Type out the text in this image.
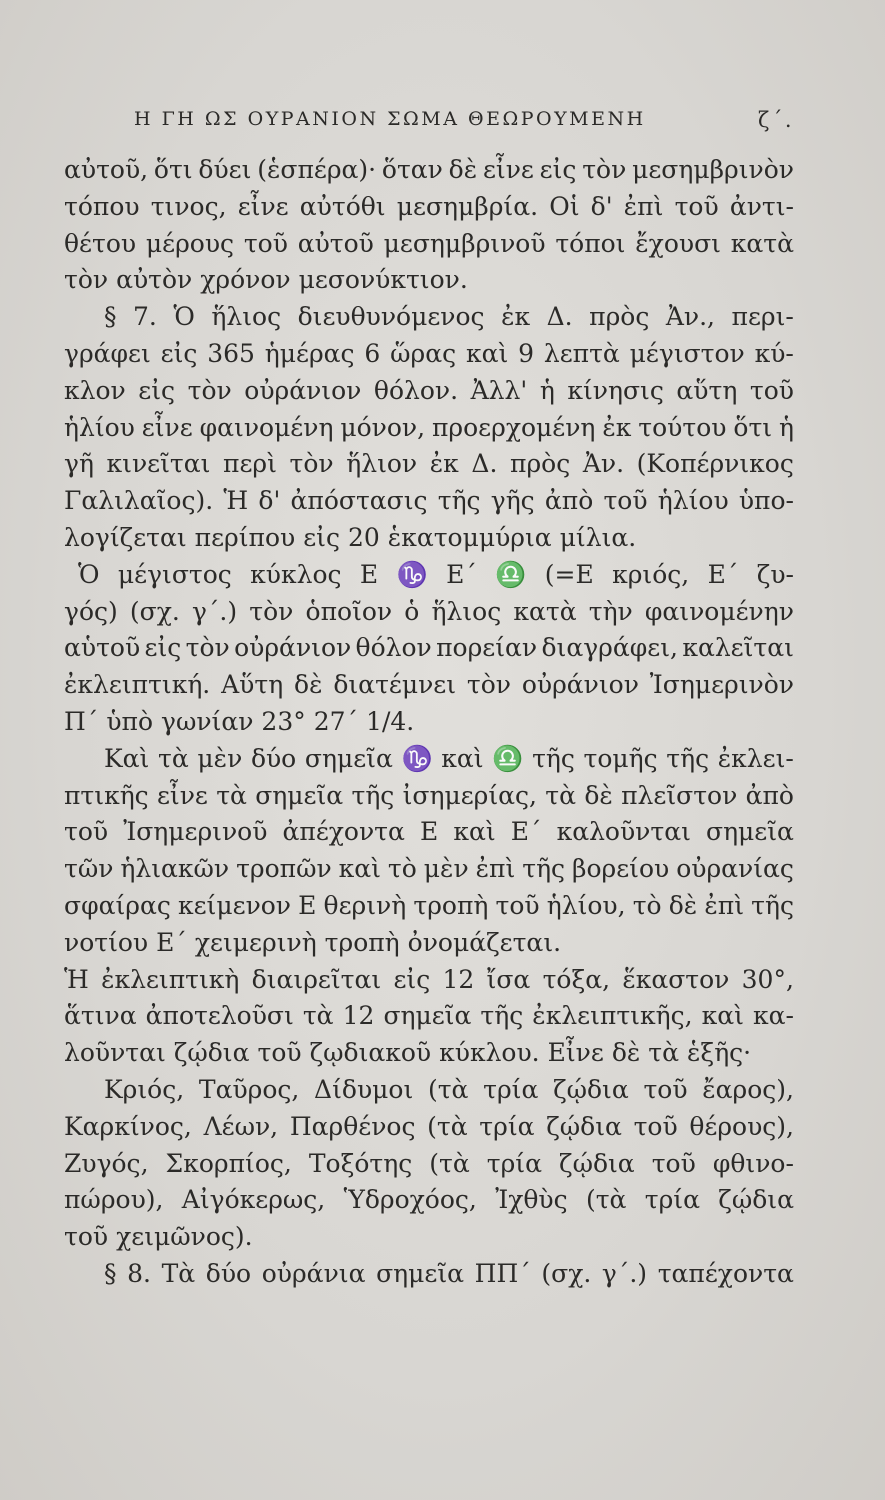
Η ΓΗ ΩΣ ΟΥΡΑΝΙΟΝ ΣΩΜΑ ΘΕΩΡΟΥΜΕΝΗ	ζ΄.
αὐτοῦ, ὅτι δύει (ἑσπέρα)· ὅταν δὲ εἶνε εἰς τὸν μεσημβρινὸν
τόπου τινος, εἶνε αὐτόθι μεσημβρία. Οἱ δ' ἐπὶ τοῦ ἀντι-
θέτου μέρους τοῦ αὐτοῦ μεσημβρινοῦ τόποι ἔχουσι κατὰ
τὸν αὐτὸν χρόνον μεσονύκτιον.
§ 7. Ὁ ἥλιος διευθυνόμενος ἐκ Δ. πρὸς Ἀν., περι-
γράφει εἰς 365 ἡμέρας 6 ὥρας καὶ 9 λεπτὰ μέγιστον κύ-
κλον εἰς τὸν οὐράνιον θόλον. Ἀλλ' ἡ κίνησις αὕτη τοῦ
ἡλίου εἶνε φαινομένη μόνον, προερχομένη ἐκ τούτου ὅτι ἡ
γῆ κινεῖται περὶ τὸν ἥλιον ἐκ Δ. πρὸς Ἀν. (Κοπέρνικος
Γαλιλαῖος). Ἡ δ' ἀπόστασις τῆς γῆς ἀπὸ τοῦ ἡλίου ὑπο-
λογίζεται περίπου εἰς 20 ἑκατομμύρια μίλια.
Ὁ μέγιστος κύκλος Ε ♑ Ε΄ ♎ (=Ε κριός, Ε΄ ζυ-
γός) (σχ. γ΄.) τὸν ὁποῖον ὁ ἥλιος κατὰ τὴν φαινομένην
αὑτοῦ εἰς τὸν οὐράνιον θόλον πορείαν διαγράφει, καλεῖται
ἐκλειπτική. Αὕτη δὲ διατέμνει τὸν οὐράνιον Ἰσημερινὸν
Π΄ ὑπὸ γωνίαν 23° 27΄ 1/4.
Καὶ τὰ μὲν δύο σημεῖα ♑ καὶ ♎ τῆς τομῆς τῆς ἐκλει-
πτικῆς εἶνε τὰ σημεῖα τῆς ἰσημερίας, τὰ δὲ πλεῖστον ἀπὸ
τοῦ Ἰσημερινοῦ ἀπέχοντα Ε καὶ Ε΄ καλοῦνται σημεῖα
τῶν ἡλιακῶν τροπῶν καὶ τὸ μὲν ἐπὶ τῆς βορείου οὐρανίας
σφαίρας κείμενον Ε θερινὴ τροπὴ τοῦ ἡλίου, τὸ δὲ ἐπὶ τῆς
νοτίου Ε΄ χειμερινὴ τροπὴ ὀνομάζεται.
Ἡ ἐκλειπτικὴ διαιρεῖται εἰς 12 ἴσα τόξα, ἕκαστον 30°,
ἅτινα ἀποτελοῦσι τὰ 12 σημεῖα τῆς ἐκλειπτικῆς, καὶ κα-
λοῦνται ζῴδια τοῦ ζῳδιακοῦ κύκλου. Εἶνε δὲ τὰ ἑξῆς·
Κριός, Ταῦρος, Δίδυμοι (τὰ τρία ζῴδια τοῦ ἔαρος),
Καρκίνος, Λέων, Παρθένος (τὰ τρία ζῴδια τοῦ θέρους),
Ζυγός, Σκορπίος, Τοξότης (τὰ τρία ζῴδια τοῦ φθινο-
πώρου), Αἰγόκερως, Ὑδροχόος, Ἰχθὺς (τὰ τρία ζῴδια
τοῦ χειμῶνος).
§ 8. Τὰ δύο οὐράνια σημεῖα ΠΠ΄ (σχ. γ΄.) ταπέχοντα
